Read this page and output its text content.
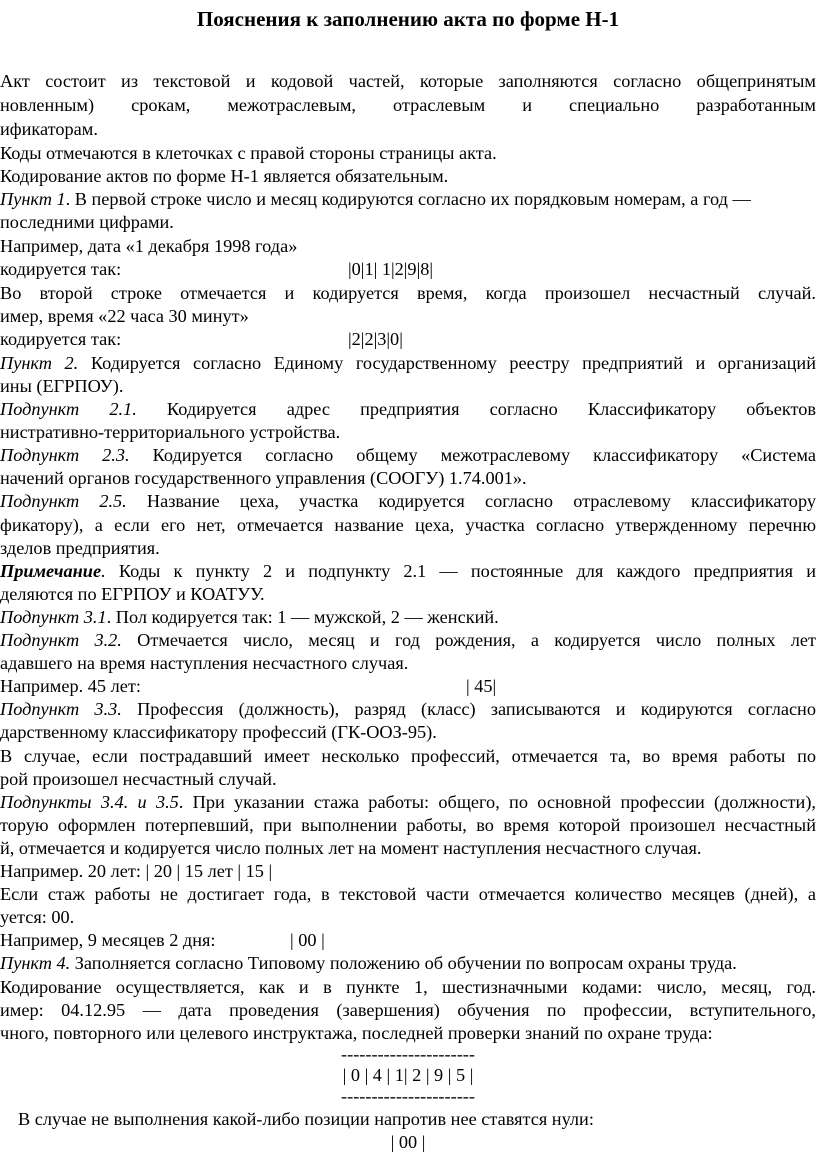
Пояснения к заполнению акта по форме Н-1
Акт состоит из текстовой и кодовой частей, которые заполняются согласно общепринятым
новленным) срокам, межотраслевым, отраслевым и специально разработанным
ификаторам.
Коды отмечаются в клеточках с правой стороны страницы акта.
Кодирование актов по форме Н-1 является обязательным.
Пункт 1. В первой строке число и месяц кодируются согласно их порядковым номерам, а год —
последними цифрами.
Например, дата «1 декабря 1998 года»
кодируется так:	|0|1| 1|2|9|8|
Во второй строке отмечается и кодируется время, когда произошел несчастный случай.
имер, время «22 часа 30 минут»
кодируется так:	|2|2|3|0|
Пункт 2. Кодируется согласно Единому государственному реестру предприятий и организаций
ины (ЕГРПОУ).
Подпункт 2.1. Кодируется адрес предприятия согласно Классификатору объектов
нистративно-территориального устройства.
Подпункт 2.3. Кодируется согласно общему межотраслевому классификатору «Система
начений органов государственного управления (СООГУ) 1.74.001».
Подпункт 2.5. Название цеха, участка кодируется согласно отраслевому классификатору
фикатору), а если его нет, отмечается название цеха, участка согласно утвержденному перечню
зделов предприятия.
Примечание. Коды к пункту 2 и подпункту 2.1 — постоянные для каждого предприятия и
деляются по ЕГРПОУ и КОАТУУ.
Подпункт 3.1. Пол кодируется так: 1 — мужской, 2 — женский.
Подпункт 3.2. Отмечается число, месяц и год рождения, а кодируется число полных лет
адавшего на время наступления несчастного случая.
Например. 45 лет:	| 45|
Подпункт 3.3. Профессия (должность), разряд (класс) записываются и кодируются согласно
дарственному классификатору профессий (ГК-ООЗ-95).
В случае, если пострадавший имеет несколько профессий, отмечается та, во время работы по
рой произошел несчастный случай.
Подпункты 3.4. и 3.5. При указании стажа работы: общего, по основной профессии (должности),
торую оформлен потерпевший, при выполнении работы, во время которой произошел несчастный
й, отмечается и кодируется число полных лет на момент наступления несчастного случая.
Например. 20 лет: | 20 | 15 лет | 15 |
Если стаж работы не достигает года, в текстовой части отмечается количество месяцев (дней), а
уется: 00.
Например, 9 месяцев 2 дня:	| 00 |
Пункт 4. Заполняется согласно Типовому положению об обучении по вопросам охраны труда.
Кодирование осуществляется, как и в пункте 1, шестизначными кодами: число, месяц, год.
имер: 04.12.95 — дата проведения (завершения) обучения по профессии, вступительного,
чного, повторного или целевого инструктажа, последней проверки знаний по охране труда:
----------------------
| 0 | 4 | 1| 2 | 9 | 5 |
----------------------
В случае не выполнения какой-либо позиции напротив нее ставятся нули:
| 00 |
